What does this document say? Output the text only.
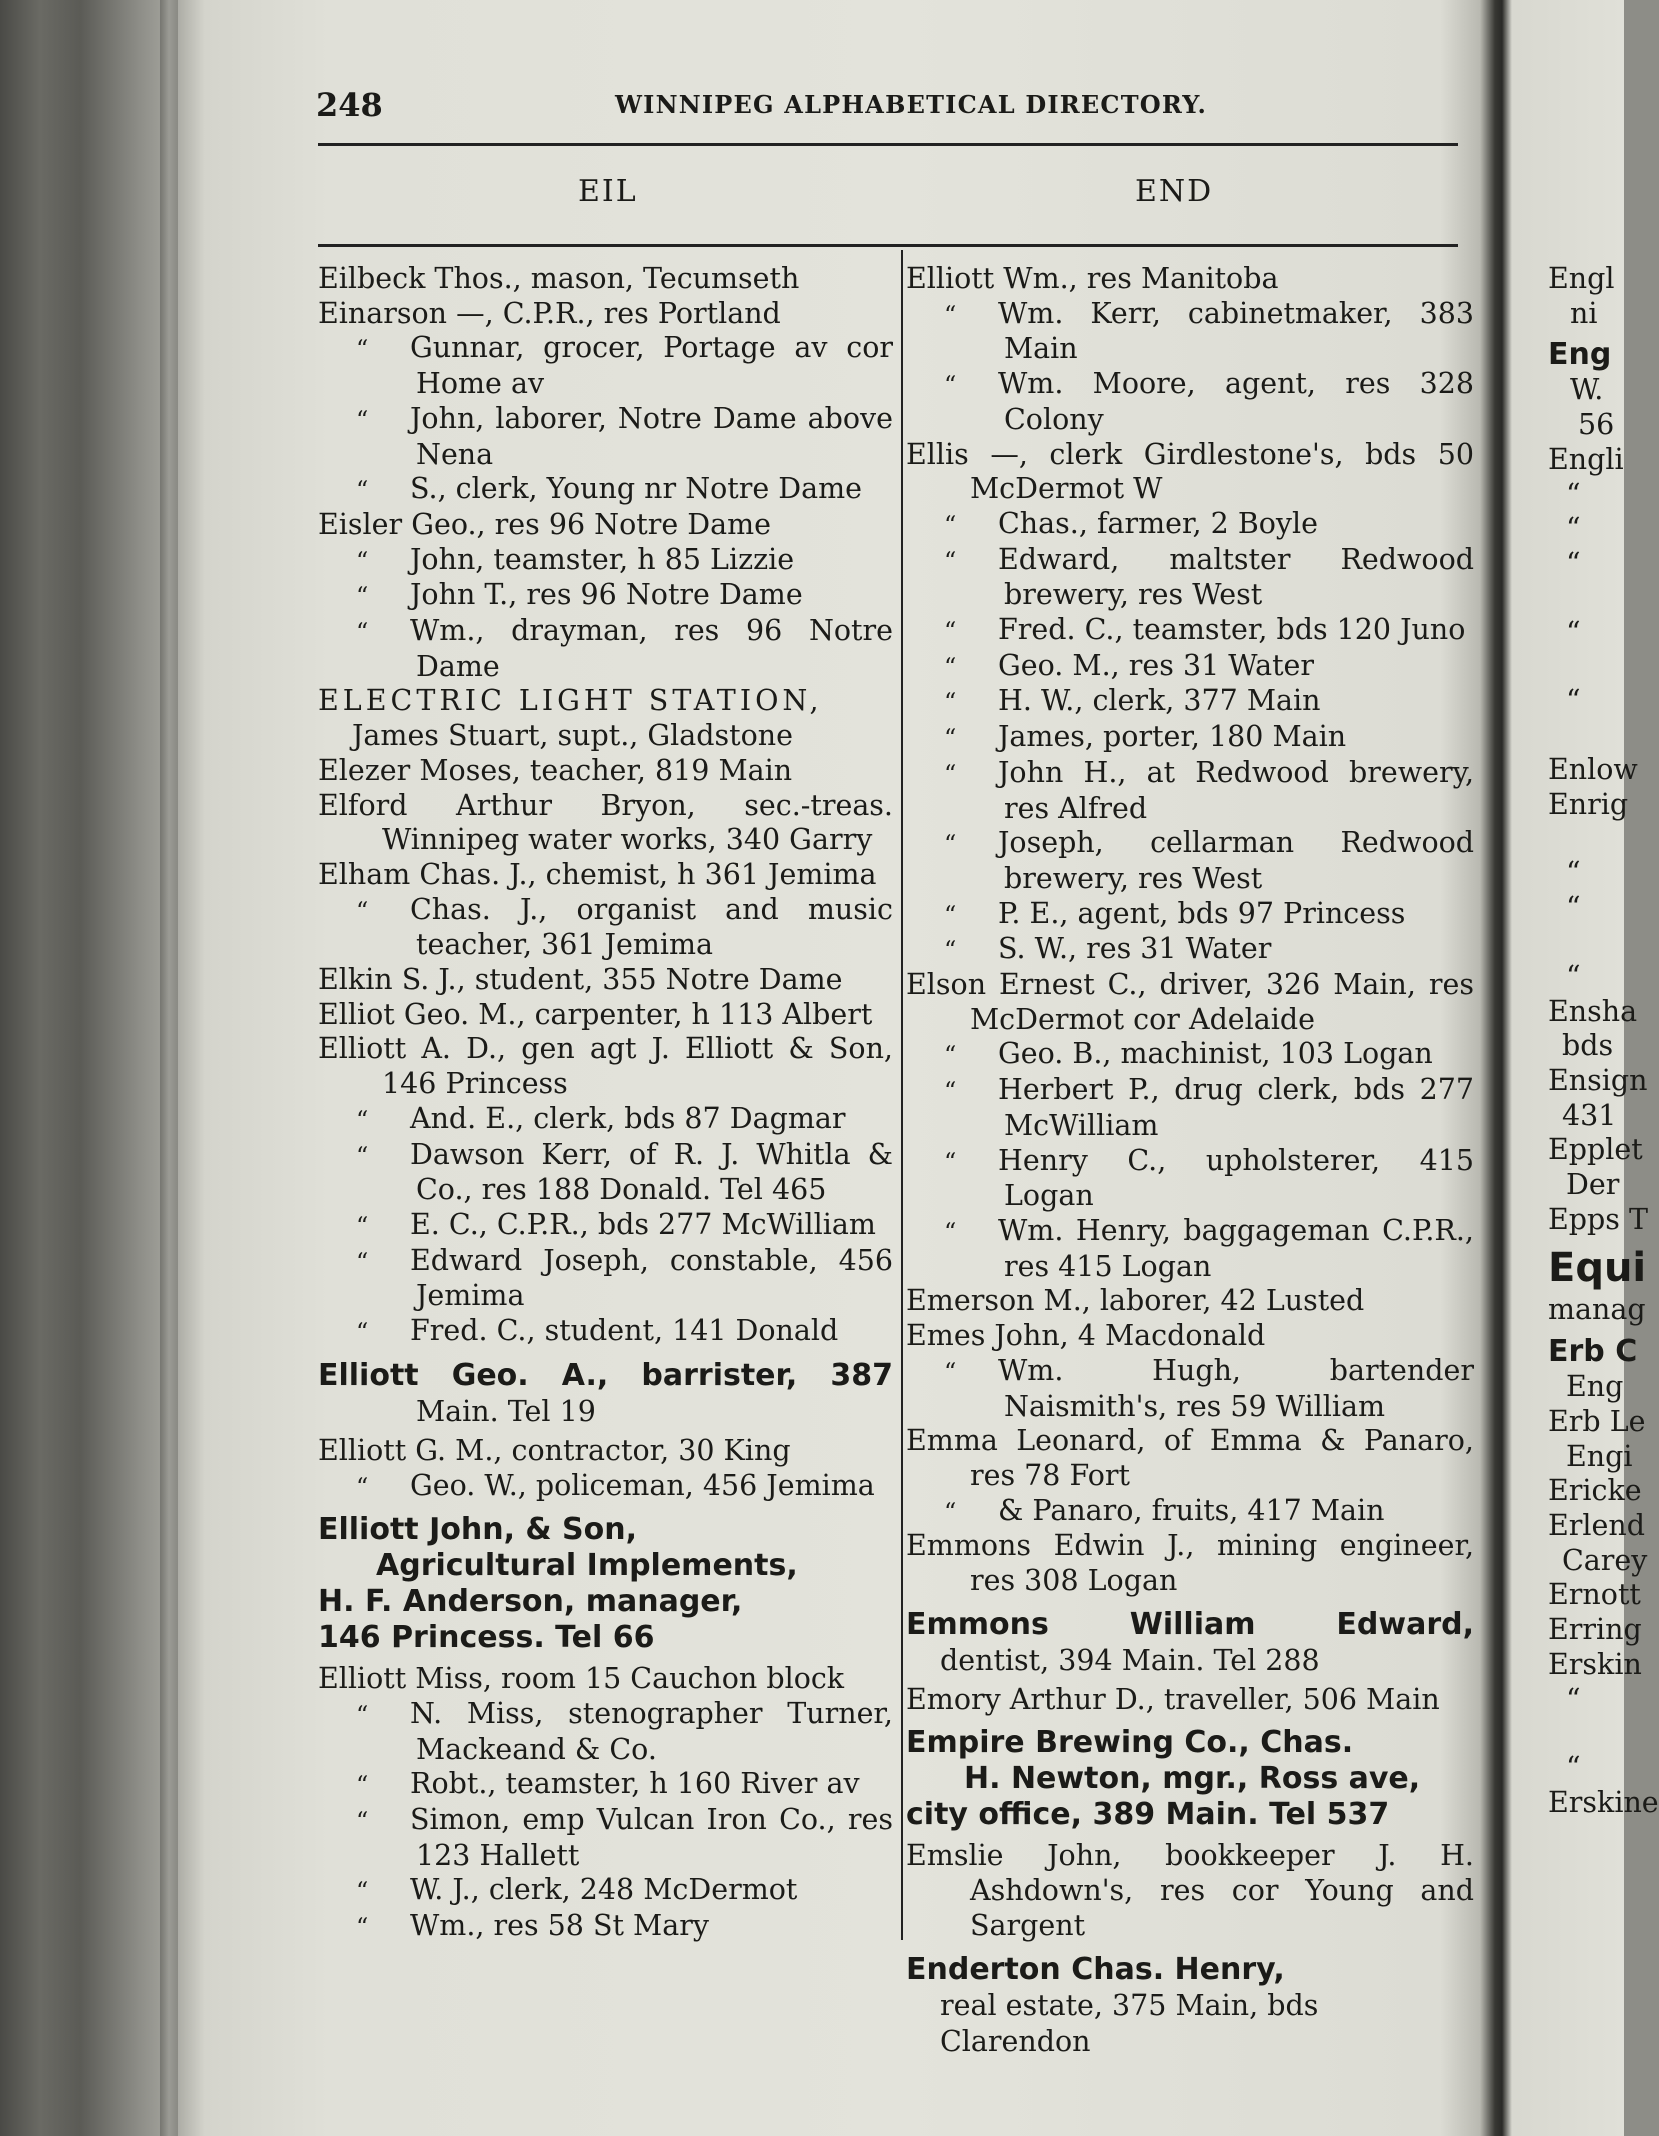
248	WINNIPEG ALPHABETICAL DIRECTORY.
EIL	END
Eilbeck Thos., mason, Tecumseth
Einarson —, C.P.R., res Portland
“ Gunnar, grocer, Portage av cor Home av
“ John, laborer, Notre Dame above Nena
“ S., clerk, Young nr Notre Dame
Eisler Geo., res 96 Notre Dame
“ John, teamster, h 85 Lizzie
“ John T., res 96 Notre Dame
“ Wm., drayman, res 96 Notre Dame
ELECTRIC LIGHT STATION,
James Stuart, supt., Gladstone
Elezer Moses, teacher, 819 Main
Elford Arthur Bryon, sec.-treas. Winnipeg water works, 340 Garry
Elham Chas. J., chemist, h 361 Jemima
“ Chas. J., organist and music teacher, 361 Jemima
Elkin S. J., student, 355 Notre Dame
Elliot Geo. M., carpenter, h 113 Albert
Elliott A. D., gen agt J. Elliott & Son, 146 Princess
“ And. E., clerk, bds 87 Dagmar
“ Dawson Kerr, of R. J. Whitla & Co., res 188 Donald. Tel 465
“ E. C., C.P.R., bds 277 McWilliam
“ Edward Joseph, constable, 456 Jemima
“ Fred. C., student, 141 Donald
Elliott Geo. A., barrister, 387
Main. Tel 19
Elliott G. M., contractor, 30 King
“ Geo. W., policeman, 456 Jemima
Elliott John, & Son,
Agricultural Implements,
H. F. Anderson, manager,
146 Princess. Tel 66
Elliott Miss, room 15 Cauchon block
“ N. Miss, stenographer Turner, Mackeand & Co.
“ Robt., teamster, h 160 River av
“ Simon, emp Vulcan Iron Co., res 123 Hallett
“ W. J., clerk, 248 McDermot
“ Wm., res 58 St Mary
Elliott Wm., res Manitoba
“ Wm. Kerr, cabinetmaker, 383 Main
“ Wm. Moore, agent, res 328 Colony
Ellis —, clerk Girdlestone's, bds 50 McDermot W
“ Chas., farmer, 2 Boyle
“ Edward, maltster Redwood brewery, res West
“ Fred. C., teamster, bds 120 Juno
“ Geo. M., res 31 Water
“ H. W., clerk, 377 Main
“ James, porter, 180 Main
“ John H., at Redwood brewery, res Alfred
“ Joseph, cellarman Redwood brewery, res West
“ P. E., agent, bds 97 Princess
“ S. W., res 31 Water
Elson Ernest C., driver, 326 Main, res McDermot cor Adelaide
“ Geo. B., machinist, 103 Logan
“ Herbert P., drug clerk, bds 277 McWilliam
“ Henry C., upholsterer, 415 Logan
“ Wm. Henry, baggageman C.P.R., res 415 Logan
Emerson M., laborer, 42 Lusted
Emes John, 4 Macdonald
“ Wm. Hugh, bartender Naismith's, res 59 William
Emma Leonard, of Emma & Panaro, res 78 Fort
“ & Panaro, fruits, 417 Main
Emmons Edwin J., mining engineer, res 308 Logan
Emmons William Edward,
dentist, 394 Main. Tel 288
Emory Arthur D., traveller, 506 Main
Empire Brewing Co., Chas.
H. Newton, mgr., Ross ave,
city office, 389 Main. Tel 537
Emslie John, bookkeeper J. H. Ashdown's, res cor Young and Sargent
Enderton Chas. Henry,
real estate, 375 Main, bds Clarendon
Engl
ni
Eng
W.
56
Engli
“
“
“
“
“
Enlow
Enrig
“
“
“
Ensha
bds
Ensign
431
Epplet
Der
Epps T
Equi
manag
Erb C
Eng
Erb Le
Engi
Ericke
Erlend
Carey
Ernott
Erring
Erskin
“
“
Erskine
